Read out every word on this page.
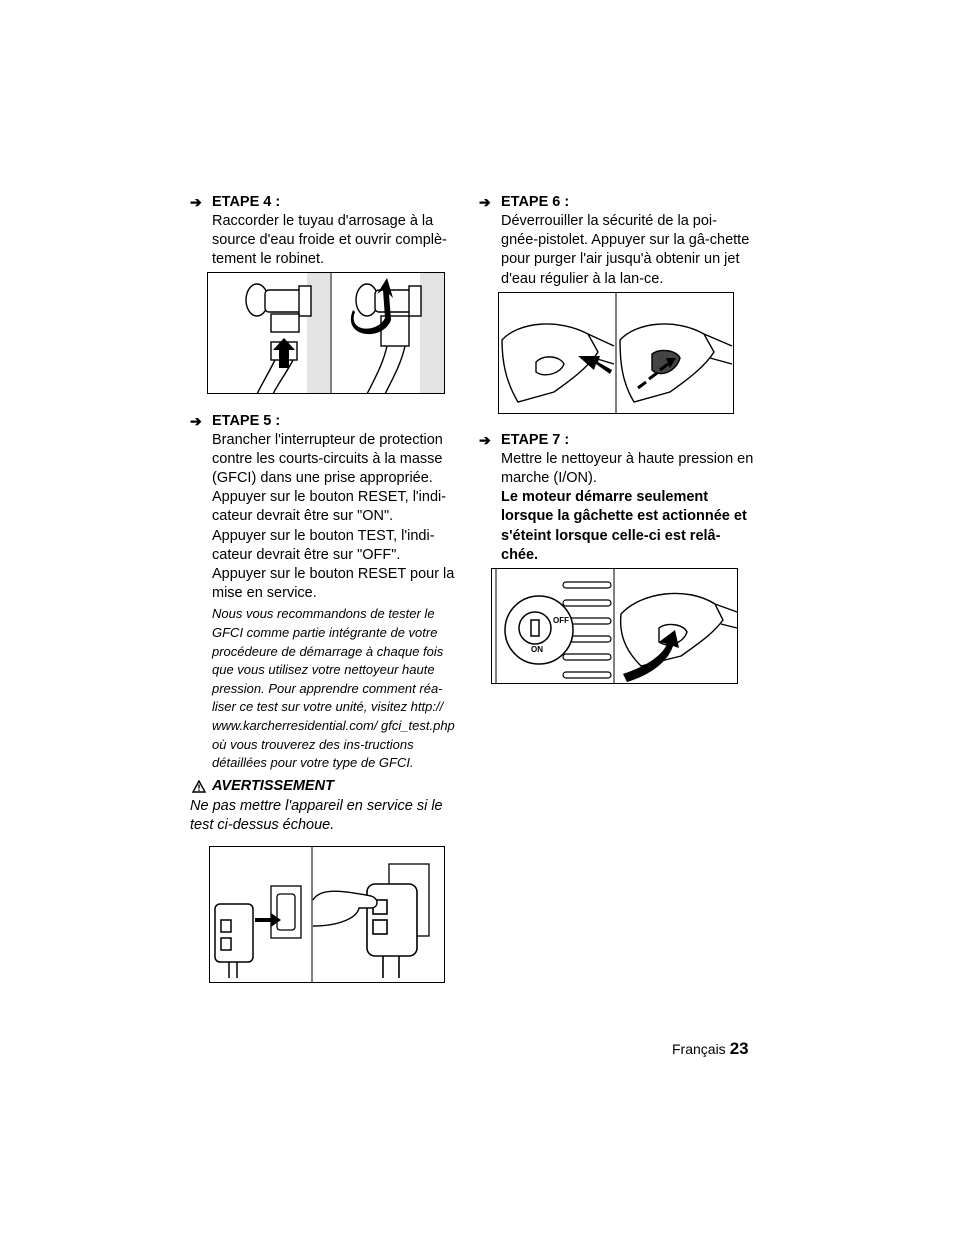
➔ ETAPE 4 :

Raccorder le tuyau d'arrosage à la source d'eau froide et ouvrir complè-tement le robinet.

➔ ETAPE 5 :

Brancher l'interrupteur de protection contre les courts-circuits à la masse (GFCI) dans une prise appropriée.

Appuyer sur le bouton RESET, l'indi-cateur devrait être sur "ON".

Appuyer sur le bouton TEST, l'indi-cateur devrait être sur "OFF".

Appuyer sur le bouton RESET pour la mise en service.

Nous vous recommandons de tester le GFCI comme partie intégrante de votre procédeure de démarrage à chaque fois que vous utilisez votre nettoyeur haute pression. Pour apprendre comment réa-liser ce test sur votre unité, visitez http:// www.karcherresidential.com/ gfci_test.php où vous trouverez des ins-tructions détaillées pour votre type de GFCI.

AVERTISSEMENT

Ne pas mettre l'appareil en service si le test ci-dessus échoue.

➔ ETAPE 6 :

Déverrouiller la sécurité de la poi-gnée-pistolet. Appuyer sur la gâ-chette pour purger l'air jusqu'à obtenir un jet d'eau régulier à la lan-ce.

➔ ETAPE 7 :

Mettre le nettoyeur à haute pression en marche (I/ON).

Le moteur démarre seulement lorsque la gâchette est actionnée et s'éteint lorsque celle-ci est relâ-chée.

OFF
ON
Français 23
